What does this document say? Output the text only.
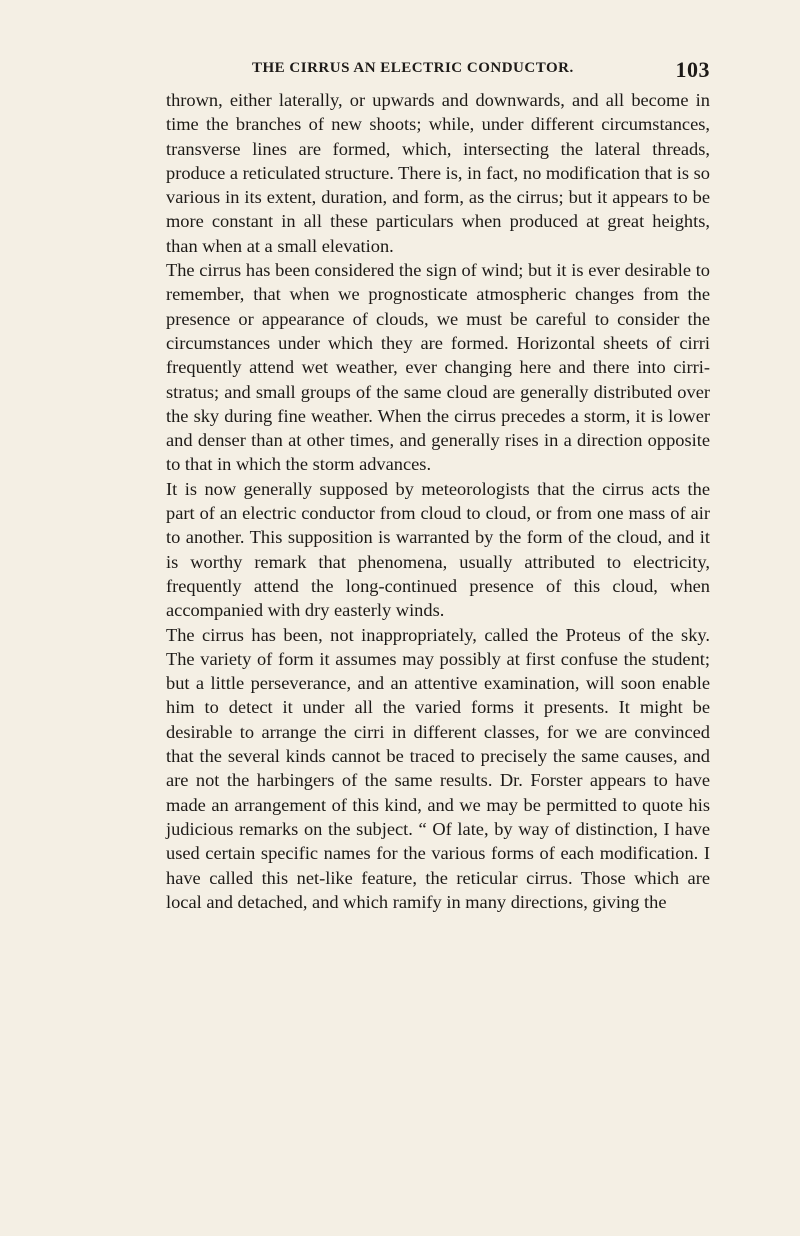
THE CIRRUS AN ELECTRIC CONDUCTOR.	103

thrown, either laterally, or upwards and downwards, and all become in time the branches of new shoots; while, under different circumstances, transverse lines are formed, which, intersecting the lateral threads, produce a reticulated structure. There is, in fact, no modification that is so various in its extent, duration, and form, as the cirrus; but it appears to be more constant in all these particulars when produced at great heights, than when at a small elevation.

The cirrus has been considered the sign of wind; but it is ever desirable to remember, that when we prognosticate atmospheric changes from the presence or appearance of clouds, we must be careful to consider the circumstances under which they are formed. Horizontal sheets of cirri frequently attend wet weather, ever changing here and there into cirri-stratus; and small groups of the same cloud are generally distributed over the sky during fine weather. When the cirrus precedes a storm, it is lower and denser than at other times, and generally rises in a direction opposite to that in which the storm advances.

It is now generally supposed by meteorologists that the cirrus acts the part of an electric conductor from cloud to cloud, or from one mass of air to another. This supposition is warranted by the form of the cloud, and it is worthy remark that phenomena, usually attributed to electricity, frequently attend the long-continued presence of this cloud, when accompanied with dry easterly winds.

The cirrus has been, not inappropriately, called the Proteus of the sky. The variety of form it assumes may possibly at first confuse the student; but a little perseverance, and an attentive examination, will soon enable him to detect it under all the varied forms it presents. It might be desirable to arrange the cirri in different classes, for we are convinced that the several kinds cannot be traced to precisely the same causes, and are not the harbingers of the same results. Dr. Forster appears to have made an arrangement of this kind, and we may be permitted to quote his judicious remarks on the subject. “ Of late, by way of distinction, I have used certain specific names for the various forms of each modification. I have called this net-like feature, the reticular cirrus. Those which are local and detached, and which ramify in many directions, giving the
